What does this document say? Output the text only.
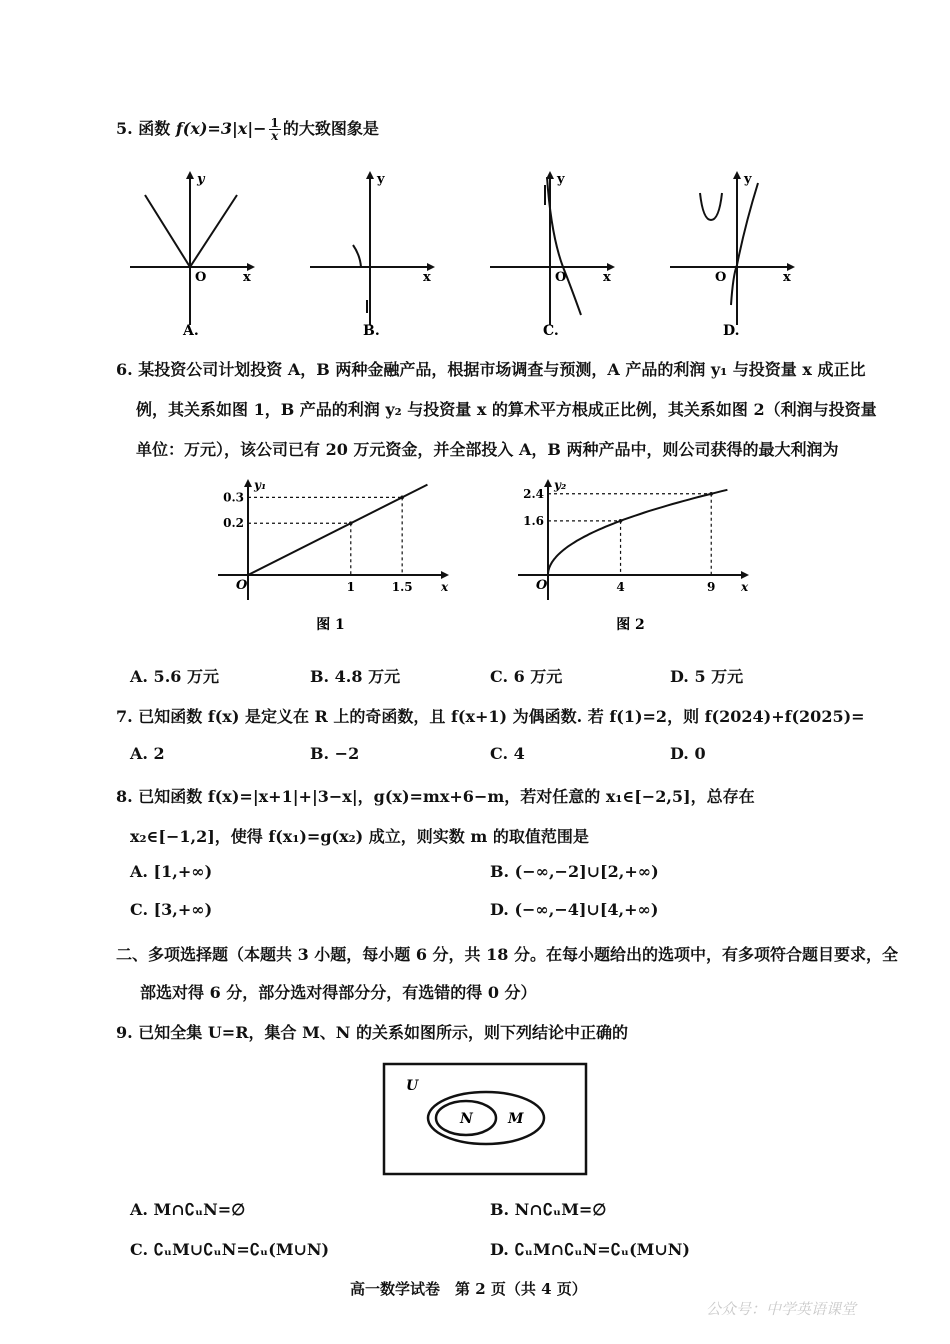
5. 函数 $f(x)=3|x|- \frac{1}{x}$ 的大致图象是
y
O	x
A.
y
x
B.
y
O	x
C.
y
O	x
D.
6. 某投资公司计划投资 A，B 两种金融产品，根据市场调查与预测，A 产品的利润 y₁ 与投资量 x 成正比
例，其关系如图 1，B 产品的利润 y₂ 与投资量 x 的算术平方根成正比例，其关系如图 2（利润与投资量
单位：万元），该公司已有 20 万元资金，并全部投入 A，B 两种产品中，则公司获得的最大利润为
0.3
0.2
1	1.5
O	x
y₁
图 1
2.4
1.6
4	9
O	x
y₂
图 2
A. 5.6 万元	B. 4.8 万元	C. 6 万元	D. 5 万元
7. 已知函数 f(x) 是定义在 R 上的奇函数，且 f(x+1) 为偶函数. 若 f(1)=2，则 f(2024)+f(2025)=
A. 2	B. −2	C. 4	D. 0
8. 已知函数 f(x)=|x+1|+|3−x|，g(x)=mx+6−m，若对任意的 x₁∈[−2,5]，总存在
x₂∈[−1,2]，使得 f(x₁)=g(x₂) 成立，则实数 m 的取值范围是
A. [1,+∞)	B. (−∞,−2]∪[2,+∞)
C. [3,+∞)	D. (−∞,−4]∪[4,+∞)
二、多项选择题（本题共 3 小题，每小题 6 分，共 18 分。在每小题给出的选项中，有多项符合题目要求，全
部选对得 6 分，部分选对得部分分，有选错的得 0 分）
9. 已知全集 U=R，集合 M、N 的关系如图所示，则下列结论中正确的
U
N	M
A. M∩∁ᵤN=∅	B. N∩∁ᵤM=∅
C. ∁ᵤM∪∁ᵤN=∁ᵤ(M∪N)	D. ∁ᵤM∩∁ᵤN=∁ᵤ(M∪N)
高一数学试卷　第 2 页（共 4 页）
公众号：中学英语课堂
